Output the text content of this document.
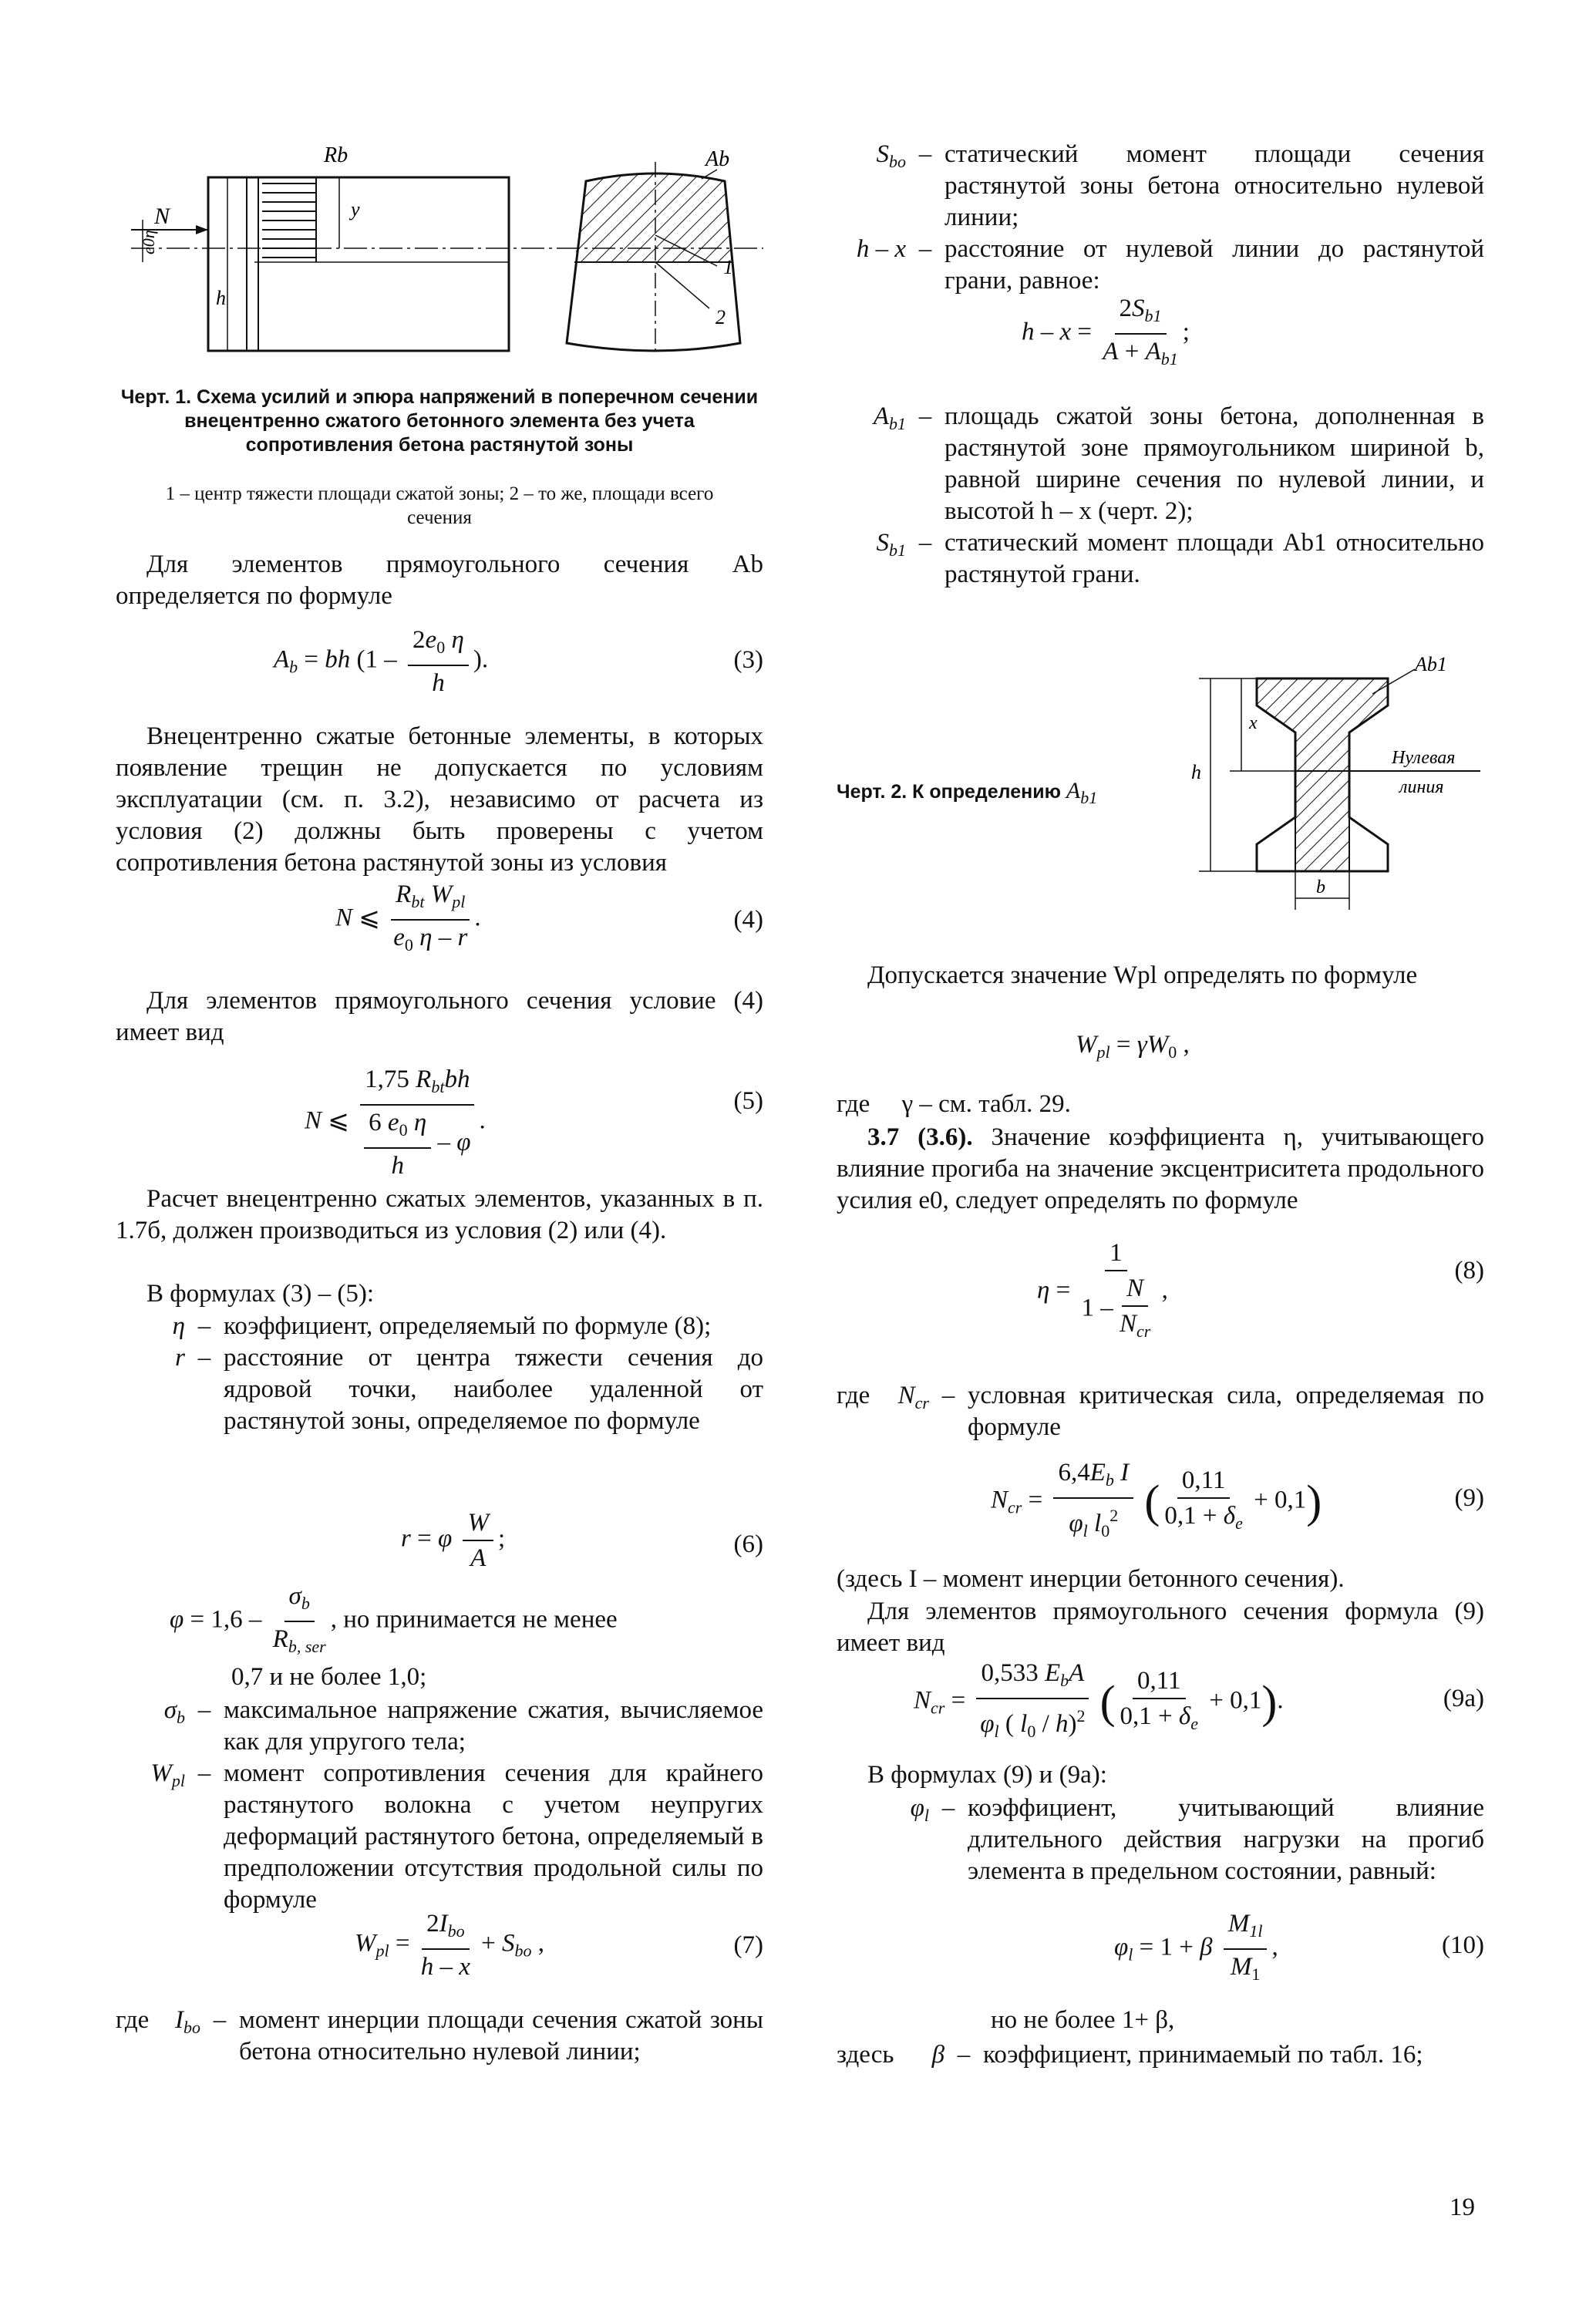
Rb	Ab
N	y
h
e0η
1
2
Черт. 1. Схема усилий и эпюра напряжений в поперечном сечении внецентренно сжатого бетонного элемента без учета сопротивления бетона растянутой зоны
1 – центр тяжести площади сжатой зоны; 2 – то же, площади всего сечения
Для элементов прямоугольного сечения Ab определяется по формуле
$A_b$ = bh ($1 - \frac{2e_0 \eta}{h}$ ).	(3)
Внецентренно сжатые бетонные элементы, в которых появление трещин не допускается по условиям эксплуатации (см. п. 3.2), независимо от расчета из условия (2) должны быть проверены с учетом сопротивления бетона растянутой зоны из условия
N ⩽ $\frac{R_{bt} W_{pl}}{e_0 \eta - r}$ .	(4)
Для элементов прямоугольного сечения условие (4) имеет вид
N ⩽ $\frac{1,75 R_{bt}bh}{\frac{6 e_0 \eta}{h} - \varphi}$ .
(5)
Расчет внецентренно сжатых элементов, указанных в п. 1.7б, должен производиться из условия (2) или (4).
В формулах (3) – (5):
η – коэффициент, определяемый по формуле (8);
r – расстояние от центра тяжести сечения до ядровой точки, наиболее удаленной от растянутой зоны, определяемое по формуле
r = φ $\frac{W}{A}$ ;	(6)
$\varphi = 1,6 - \frac{\sigma_b}{R_{b, ser}}$ , но принимается не менее
0,7 и не более 1,0;
$\sigma_b$ – максимальное напряжение сжатия, вычисляемое как для упругого тела;
$W_{pl}$ – момент сопротивления сечения для крайнего растянутого волокна с учетом неупругих деформаций растянутого бетона, определяемый в предположении отсутствия продольной силы по формуле
$W_{pl} = \frac{2I_{bo}}{h - x} + S_{bo}$ ,	(7)
где	$I_{bo}$ – момент инерции площади сечения сжатой зоны бетона относительно нулевой линии;
$S_{bo}$ – статический момент площади сечения растянутой зоны бетона относительно нулевой линии;
h – x – расстояние от нулевой линии до растянутой грани, равное:
$h - x = \frac{2S_{b1}}{A + A_{b1}}$ ;
$A_{b1}$ – площадь сжатой зоны бетона, дополненная в растянутой зоне прямоугольником шириной b, равной ширине сечения по нулевой линии, и высотой h – x (черт. 2);
$S_{b1}$ – статический момент площади Ab1 относительно растянутой грани.
Черт. 2. К определению $A_{b1}$
Ab1
x
h
b
Нулевая
линия
Допускается значение Wpl определять по формуле
$W_{pl} = \gamma W_0$ ,
где     γ – см. табл. 29.
3.7 (3.6). Значение коэффициента η, учитывающего влияние прогиба на значение эксцентриситета продольного усилия e0, следует определять по формуле
$\eta = \frac{1}{1 - \frac{N}{N_{cr}}}$ ,
(8)
где	$N_{cr}$ – условная критическая сила, определяемая по формуле
$N_{cr} = \frac{6,4E_b I}{\varphi_l l_0^2}$ ( $\frac{0,11}{0,1 + \delta_e} + 0,1$)	(9)
(здесь I – момент инерции бетонного сечения).
Для элементов прямоугольного сечения формула (9) имеет вид
$N_{cr} = \frac{0,533 E_bA}{\varphi_l ( l_0 / h)^2}$ ( $\frac{0,11}{0,1 + \delta_e} + 0,1$).	(9а)
В формулах (9) и (9а):
$\varphi_l$ – коэффициент, учитывающий влияние длительного действия нагрузки на прогиб элемента в предельном состоянии, равный:
$\varphi_l = 1 + \beta \frac{M_{1l}}{M_1}$ ,	(10)
но не более 1+ β,
здесь	β – коэффициент, принимаемый по табл. 16;
19
